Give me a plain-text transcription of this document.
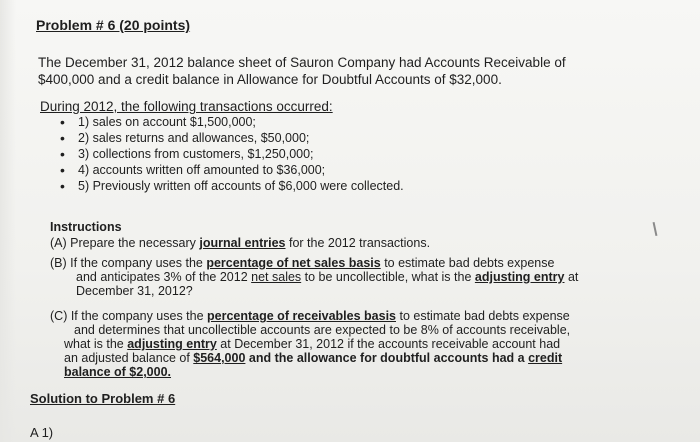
Problem # 6 (20 points)
The December 31, 2012 balance sheet of Sauron Company had Accounts Receivable of
$400,000 and a credit balance in Allowance for Doubtful Accounts of $32,000.
During 2012, the following transactions occurred:
• 1) sales on account $1,500,000;
• 2) sales returns and allowances, $50,000;
• 3) collections from customers, $1,250,000;
• 4) accounts written off amounted to $36,000;
• 5) Previously written off accounts of $6,000 were collected.
Instructions
(A) Prepare the necessary journal entries for the 2012 transactions.
(B) If the company uses the percentage of net sales basis to estimate bad debts expense
and anticipates 3% of the 2012 net sales to be uncollectible, what is the adjusting entry at
December 31, 2012?
(C) If the company uses the percentage of receivables basis to estimate bad debts expense
and determines that uncollectible accounts are expected to be 8% of accounts receivable,
what is the adjusting entry at December 31, 2012 if the accounts receivable account had
an adjusted balance of $564,000 and the allowance for doubtful accounts had a credit
balance of $2,000.
Solution to Problem # 6
A 1)
